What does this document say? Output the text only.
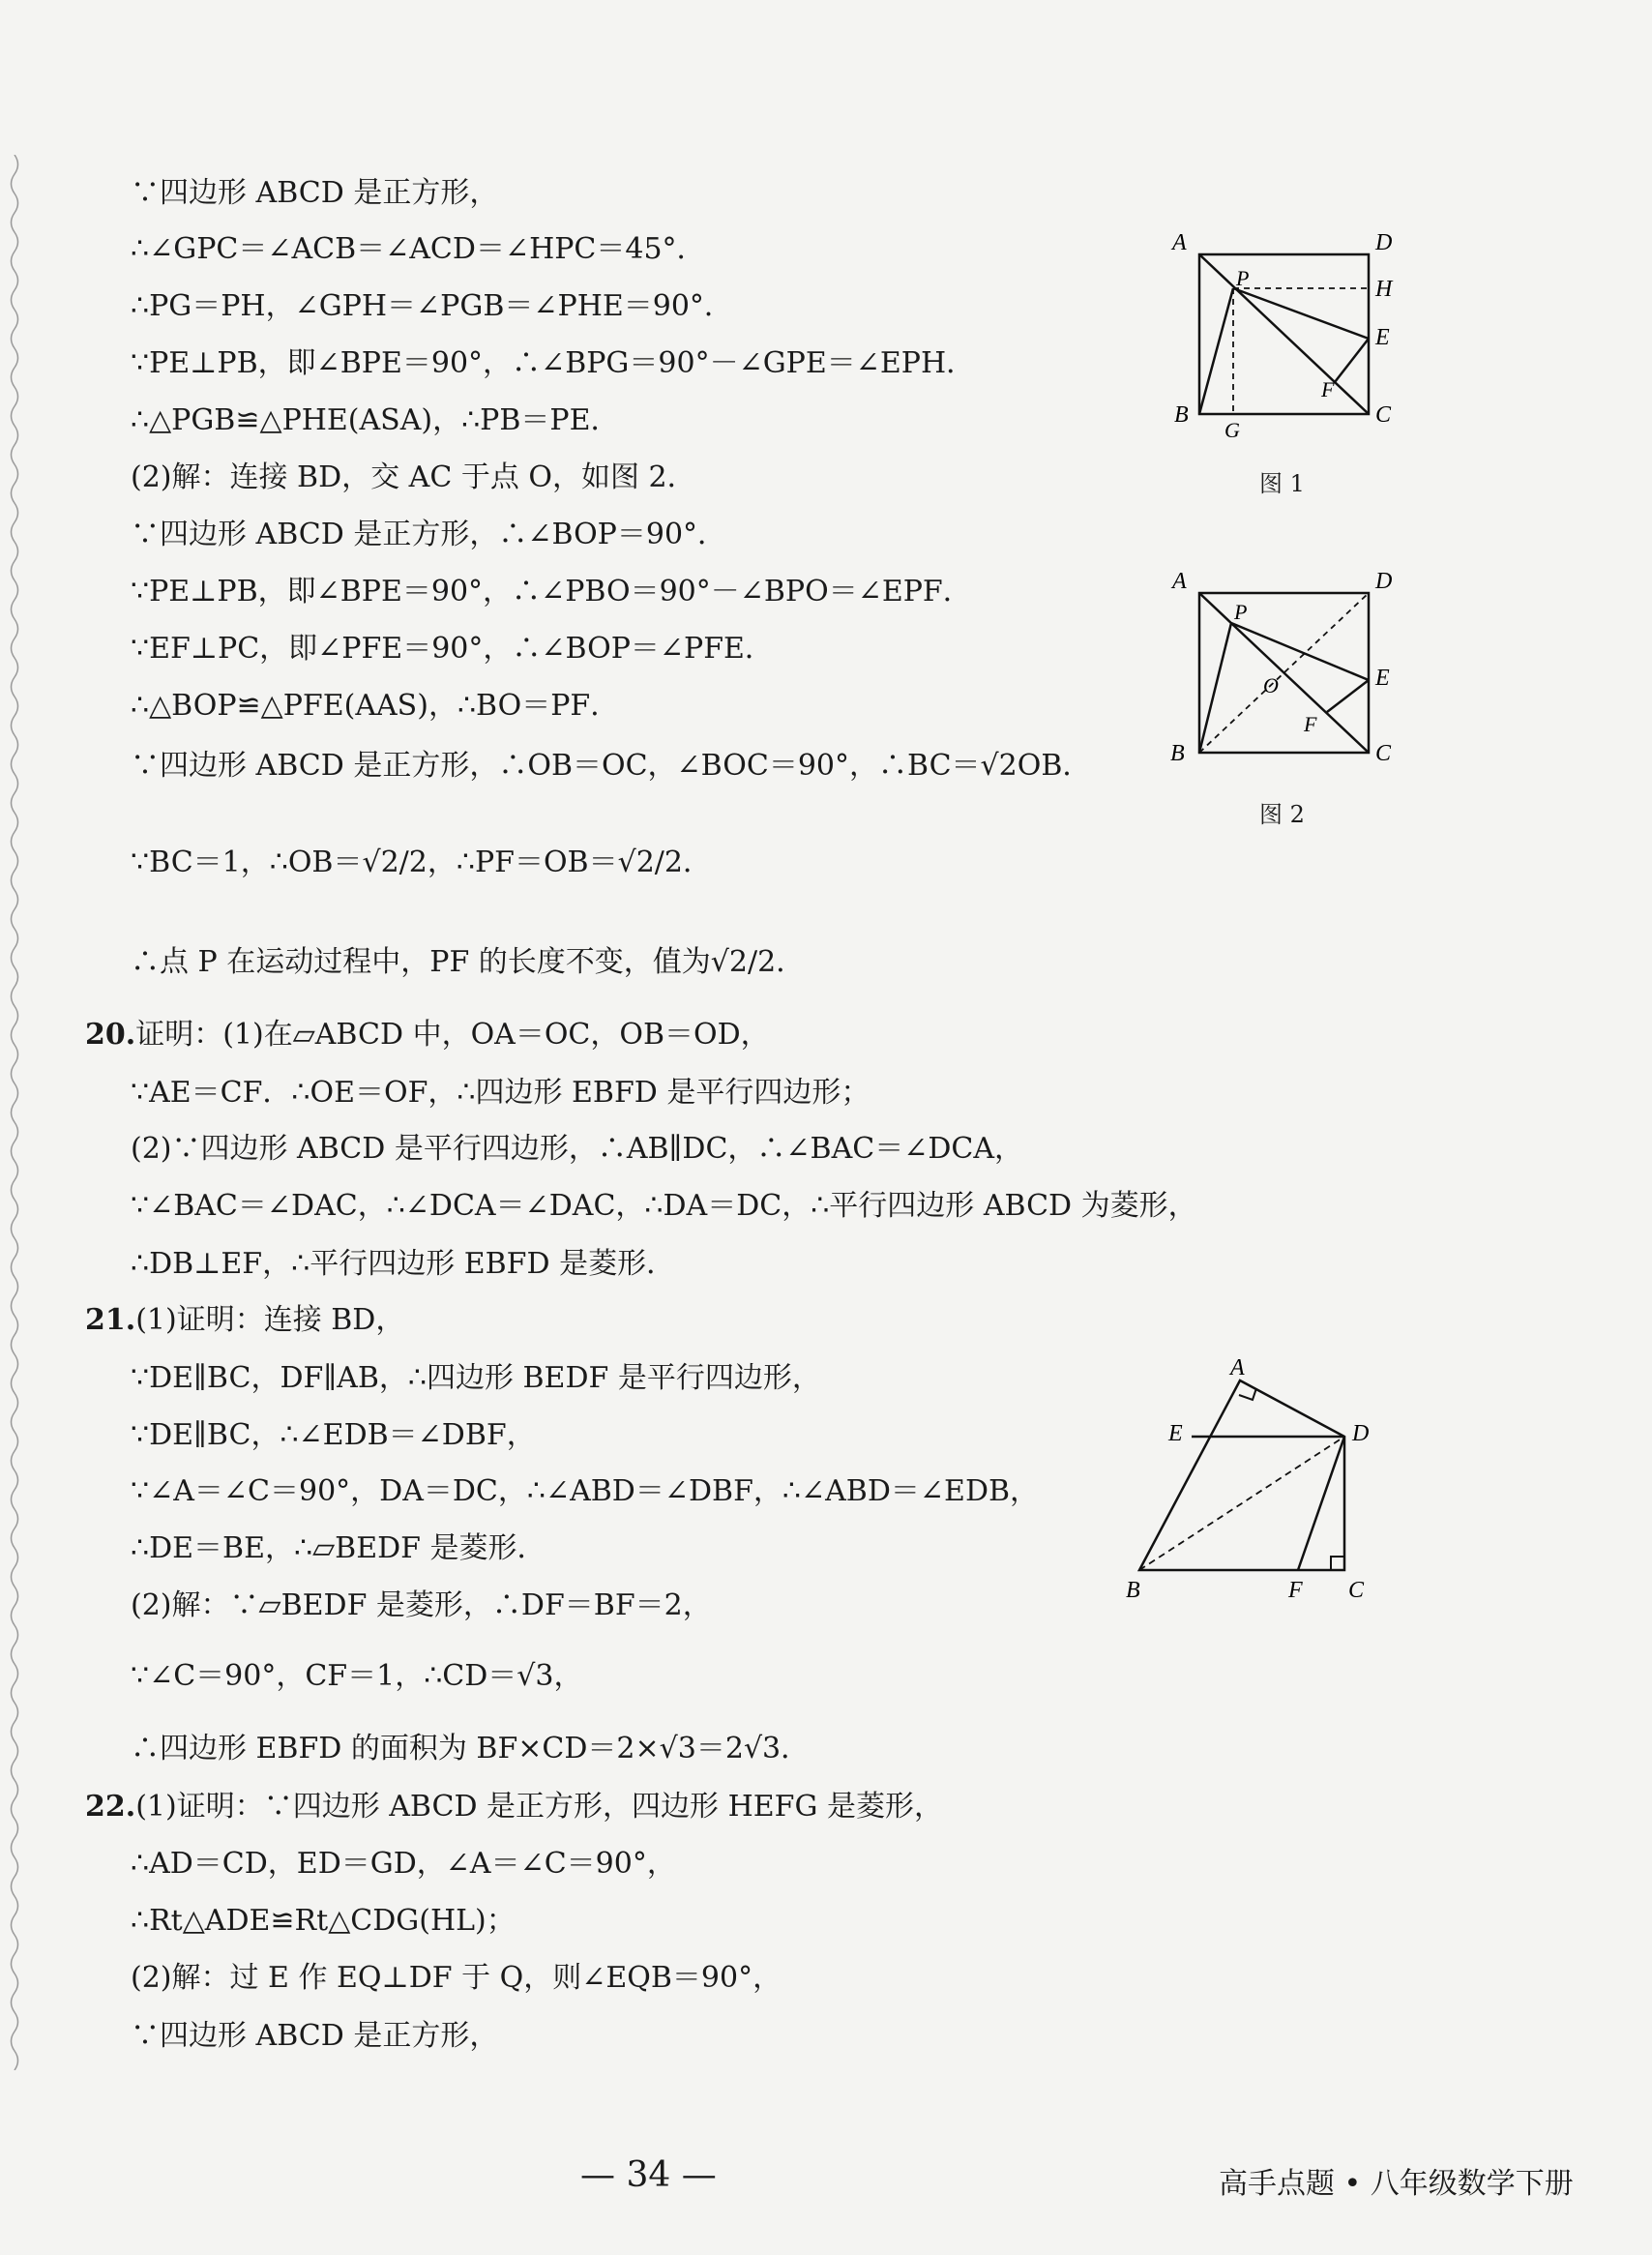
∵四边形 ABCD 是正方形，
∴∠GPC＝∠ACB＝∠ACD＝∠HPC＝45°．
∴PG＝PH，∠GPH＝∠PGB＝∠PHE＝90°．
∵PE⊥PB，即∠BPE＝90°，∴∠BPG＝90°－∠GPE＝∠EPH．
∴△PGB≌△PHE(ASA)，∴PB＝PE．
(2)解：连接 BD，交 AC 于点 O，如图 2．
∵四边形 ABCD 是正方形，∴∠BOP＝90°．
∵PE⊥PB，即∠BPE＝90°，∴∠PBO＝90°－∠BPO＝∠EPF．
∵EF⊥PC，即∠PFE＝90°，∴∠BOP＝∠PFE．
∴△BOP≌△PFE(AAS)，∴BO＝PF．
∵四边形 ABCD 是正方形，∴OB＝OC，∠BOC＝90°，∴BC＝√2OB．
∵BC＝1，∴OB＝√2/2，∴PF＝OB＝√2/2．
∴点 P 在运动过程中，PF 的长度不变，值为√2/2．
20.证明：(1)在▱ABCD 中，OA＝OC，OB＝OD，
∵AE＝CF．∴OE＝OF，∴四边形 EBFD 是平行四边形；
(2)∵四边形 ABCD 是平行四边形，∴AB∥DC，∴∠BAC＝∠DCA，
∵∠BAC＝∠DAC，∴∠DCA＝∠DAC，∴DA＝DC，∴平行四边形 ABCD 为菱形，
∴DB⊥EF，∴平行四边形 EBFD 是菱形．
21.(1)证明：连接 BD，
∵DE∥BC，DF∥AB，∴四边形 BEDF 是平行四边形，
∵DE∥BC，∴∠EDB＝∠DBF，
∵∠A＝∠C＝90°，DA＝DC，∴∠ABD＝∠DBF，∴∠ABD＝∠EDB，
∴DE＝BE，∴▱BEDF 是菱形．
(2)解：∵▱BEDF 是菱形，∴DF＝BF＝2，
∵∠C＝90°，CF＝1，∴CD＝√3，
∴四边形 EBFD 的面积为 BF×CD＝2×√3＝2√3．
22.(1)证明：∵四边形 ABCD 是正方形，四边形 HEFG 是菱形，
∴AD＝CD，ED＝GD，∠A＝∠C＝90°，
∴Rt△ADE≌Rt△CDG(HL)；
(2)解：过 E 作 EQ⊥DF 于 Q，则∠EQB＝90°，
∵四边形 ABCD 是正方形，
A	D
P	H
E
F
B
G
C
图 1
A	D
P
O	E
F
B	C
图 2
A
E	D
B	F C
— 34 —	高手点题 • 八年级数学下册
